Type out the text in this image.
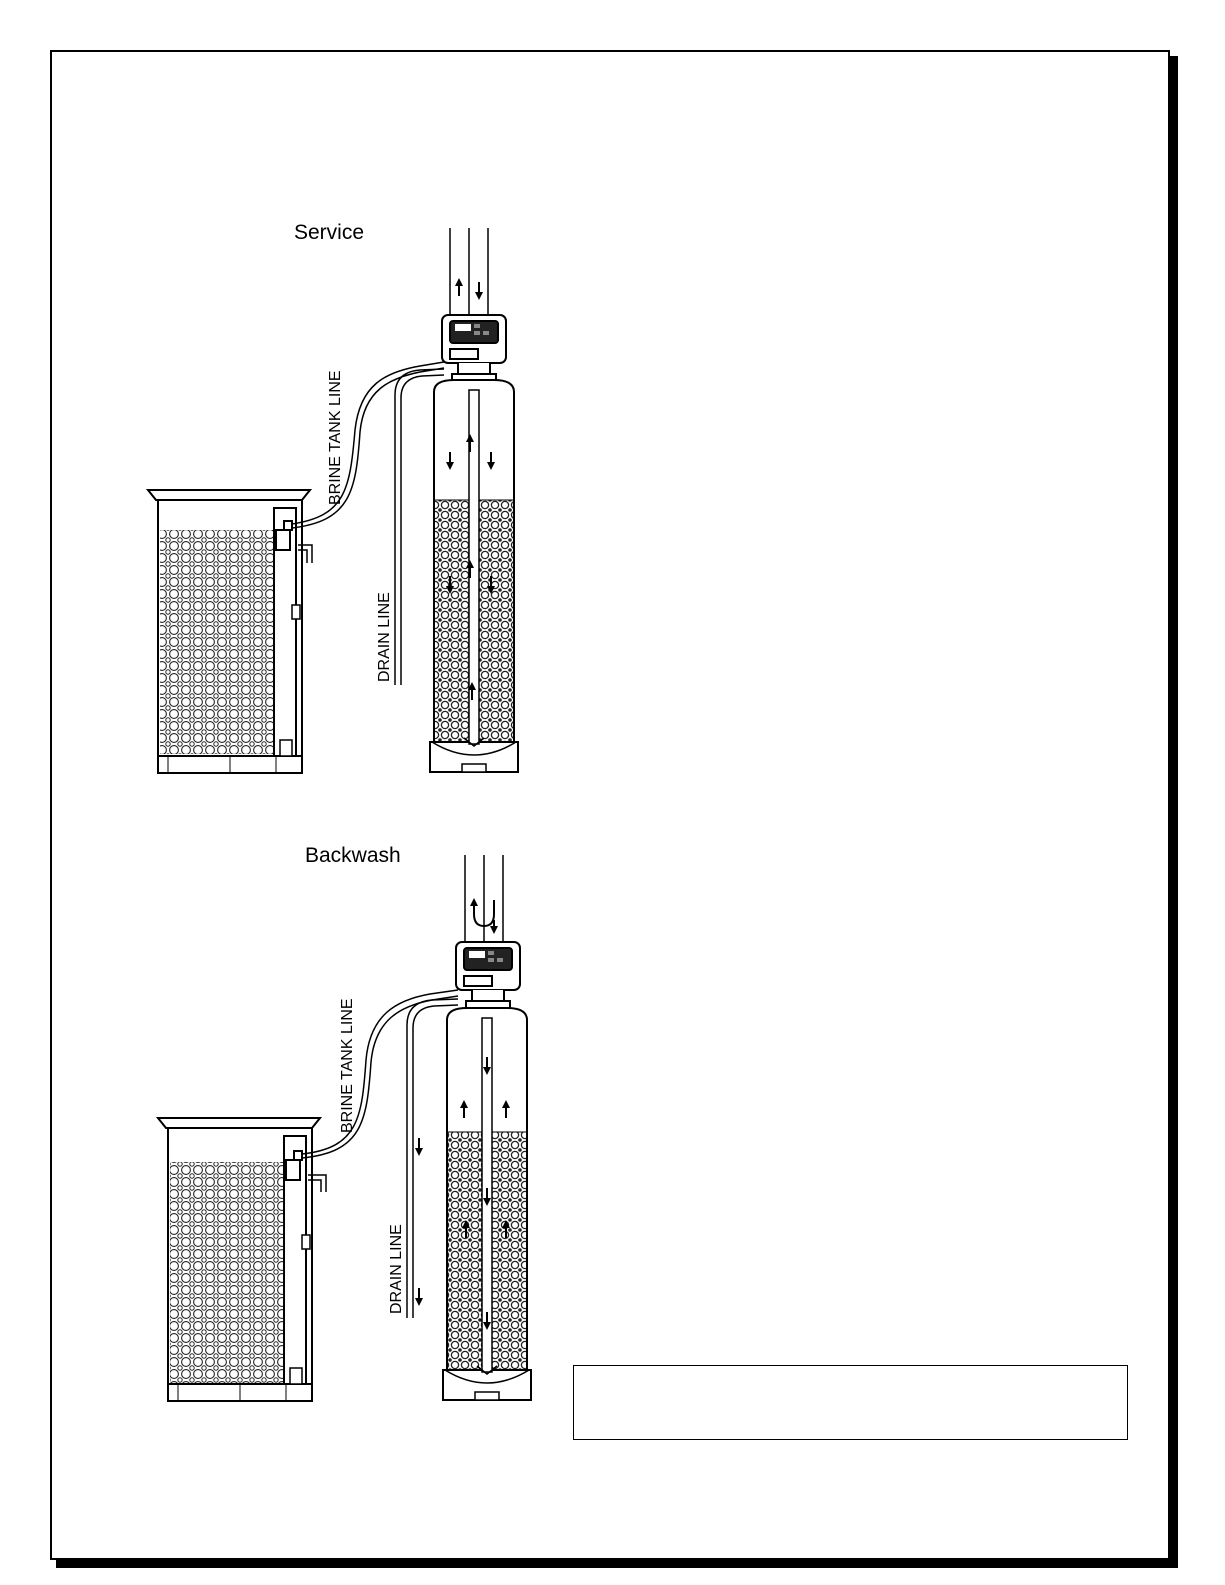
Service
Backwash
BRINE TANK LINE
DRAIN LINE
BRINE TANK LINE
DRAIN LINE
